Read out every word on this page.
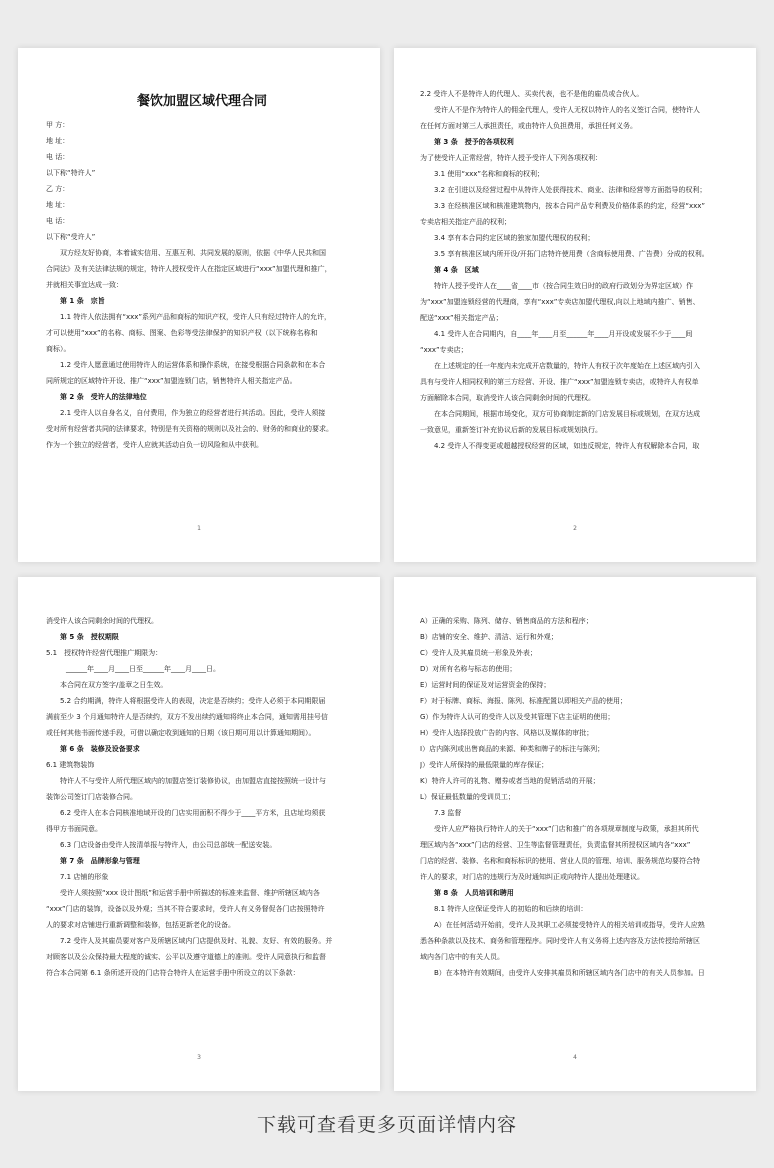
餐饮加盟区域代理合同
甲 方：
地 址：
电 话：
以下称“特许人”
乙 方：
地 址：
电 话：
以下称“受许人”
双方经友好协商，本着诚实信用、互惠互利、共同发展的原则，依据《中华人民共和国
合同法》及有关法律法规的规定，特许人授权受许人在指定区域进行“xxx”加盟代理和推广，
并就相关事宜达成一致：
第 1 条　宗旨
1.1 特许人依法拥有“xxx”系列产品和商标的知识产权，受许人只有经过特许人的允许，
才可以使用“xxx”的名称、商标、图案、色彩等受法律保护的知识产权（以下统称名称和
商标）。
1.2 受许人愿意通过使用特许人的运营体系和操作系统，在接受根据合同条款和在本合
同所规定的区域特许开设、推广“xxx”加盟连锁门店，销售特许人相关指定产品。
第 2 条　受许人的法律地位
2.1 受许人以自身名义，自付费用，作为独立的经营者进行其活动。因此，受许人须接
受对所有经营者共同的法律要求，特别是有关资格的规则以及社会的、财务的和商业的要求。
作为一个独立的经营者，受许人应就其活动自负一切风险和从中获利。
1
2.2 受许人不是特许人的代理人、买卖代表，也不是他的雇员或合伙人。
受许人不是作为特许人的佣金代理人，受许人无权以特许人的名义签订合同，使特许人
在任何方面对第三人承担责任，或由特许人负担费用，承担任何义务。
第 3 条　授予的各项权利
为了使受许人正常经营，特许人授予受许人下列各项权利：
3.1 使用“xxx”名称和商标的权利；
3.2 在引进以及经营过程中从特许人处获得技术、商业、法律和经营等方面指导的权利；
3.3 在经核准区域和核准建筑物内，按本合同产品专利费及价格体系的约定，经营“xxx”
专卖店相关指定产品的权利；
3.4 享有本合同约定区域的独家加盟代理权的权利；
3.5 享有核准区域内所开设/开拓门店特许使用费（含商标使用费、广告费）分成的权利。
第 4 条　区域
特许人授予受许人在____省____市（按合同生效日时的政府行政划分为界定区域）作
为“xxx”加盟连锁经营的代理商，享有“xxx”专卖店加盟代理权,向以上地域内推广、销售、
配送“xxx”相关指定产品；
4.1 受许人在合同期内，自____年____月至______年____月开设或发展不少于____间
“xxx”专卖店；
在上述规定的任一年度内未完成开店数量的，特许人有权于次年度始在上述区域内引入
具有与受许人相同权利的第三方经营、开设、推广“xxx”加盟连锁专卖店，或特许人有权单
方面解除本合同，取消受许人该合同剩余时间的代理权。
在本合同期间，根据市场变化，双方可协商制定新的门店发展目标或规划，在双方达成
一致意见，重新签订补充协议后新的发展目标或规划执行。
4.2 受许人不得变更或超越授权经营的区域，如违反规定，特许人有权解除本合同，取
2
消受许人该合同剩余时间的代理权。
第 5 条　授权期限
5.1　授权特许经营代理推广期限为：
______年____月____日至______年____月____日。
本合同在双方签字/盖章之日生效。
5.2 合约期满，特许人将根据受许人的表现，决定是否续约；受许人必须于本同期限届
满前至少 3 个月通知特许人是否续约，双方不发出续约通知将终止本合同，通知需用挂号信
或任何其他书面传递手段，可借以确定收到通知的日期（该日期可用以计算通知期间）。
第 6 条　装修及设备要求
6.1 建筑物装饰
特许人不与受许人所代理区域内的加盟店签订装修协议，由加盟店直接按照统一设计与
装饰公司签订门店装修合同。
6.2 受许人在本合同核准地域开设的门店实用面积不得少于____平方米，且店址均须获
得甲方书面同意。
6.3 门店设备由受许人按清单报与特许人，由公司总部统一配送安装。
第 7 条　品牌形象与管理
7.1 店铺的形象
受许人须按照“xxx 设计图纸”和运营手册中所描述的标准来监督、维护所辖区域内各
“xxx”门店的装饰，设备以及外观；当其不符合要求时，受许人有义务督促各门店按照特许
人的要求对店铺进行重新调整和装修，包括更新老化的设备。
7.2 受许人及其雇员要对客户及所辖区域内门店提供及时、礼貌、友好、有效的服务。并
对顾客以及公众保持最大程度的诚实、公平以及遵守道德上的准则。受许人同意执行和监督
符合本合同第 6.1 条所述开设的门店符合特许人在运营手册中所设立的以下条款：
3
A）正确的采购、陈列、储存、销售商品的方法和程序；
B）店铺的安全、维护、清洁、运行和外观；
C）受许人及其雇员统一形象及外表；
D）对所有名称与标志的使用；
E）运营时间的保证及对运营资金的保持；
F）对于标牌、商标、海报、陈列、标准配置以即相关产品的使用；
G）作为特许人认可的受许人以及受其管理下店主证明的使用；
H）受许人选择投放广告的内容、风格以及媒体的审批；
I）店内陈列或出售商品的来源、种类和牌子的标注与陈列；
J）受许人所保持的最低限量的库存保证；
K）特许人许可的礼物、赠券或者当地的促销活动的开展；
L）保证最低数量的受训员工；
7.3 监督
受许人应严格执行特许人的关于“xxx”门店和推广的各项规章制度与政策，承担其所代
理区域内各“xxx”门店的经营、卫生等监督管理责任，负责监督其所授权区域内各“xxx”
门店的经营、装修、名称和商标标识的使用、营业人员的管理、培训、服务规范均要符合特
许人的要求，对门店的违规行为及时通知纠正或向特许人提出处理建议。
第 8 条　人员培训和聘用
8.1 特许人应保证受许人的初始的和后续的培训：
A）在任何活动开始前，受许人及其职工必须接受特许人的相关培训或指导，受许人应熟
悉各种条款以及技术、商务和管理程序。同时受许人有义务将上述内容及方法传授给所辖区
域内各门店中的有关人员。
B）在本特许有效期间，由受许人安排其雇员和所辖区域内各门店中的有关人员参加。日
4
下载可查看更多页面详情内容
